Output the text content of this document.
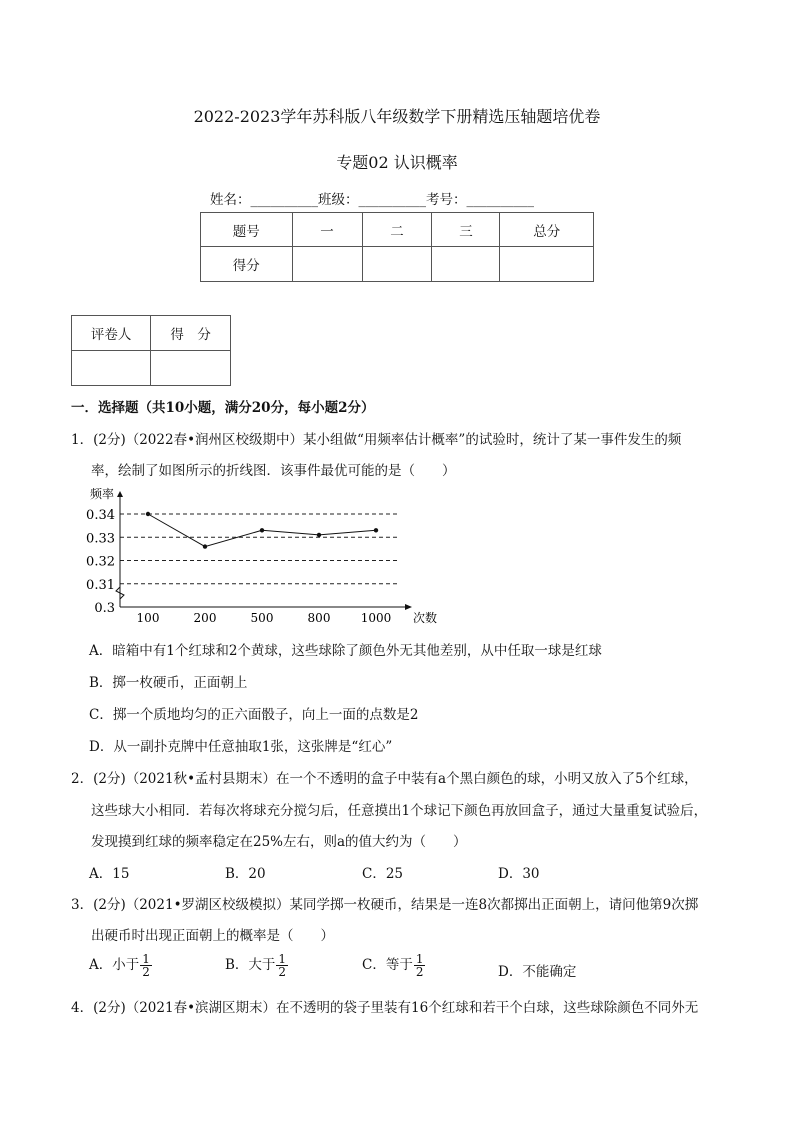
2022-2023学年苏科版八年级数学下册精选压轴题培优卷
专题02 认识概率
姓名：__________班级：__________考号：__________
题号	一	二	三	总分
得分				
评卷人	得　分

一．选择题（共10小题，满分20分，每小题2分）
1．(2分)（2022春•润州区校级期中）某小组做“用频率估计概率”的试验时，统计了某一事件发生的频
率，绘制了如图所示的折线图．该事件最优可能的是（　　）
频率
次数
0.3
0.31
0.32
0.33
0.34
100	200	500	800	1000
A．暗箱中有1个红球和2个黄球，这些球除了颜色外无其他差别，从中任取一球是红球
B．掷一枚硬币，正面朝上
C．掷一个质地均匀的正六面骰子，向上一面的点数是2
D．从一副扑克牌中任意抽取1张，这张牌是“红心”
2．(2分)（2021秋•孟村县期末）在一个不透明的盒子中装有a个黑白颜色的球，小明又放入了5个红球，
这些球大小相同．若每次将球充分搅匀后，任意摸出1个球记下颜色再放回盒子，通过大量重复试验后，
发现摸到红球的频率稳定在25%左右，则a的值大约为（　　）
A．15	B．20	C．25	D．30
3．(2分)（2021•罗湖区校级模拟）某同学掷一枚硬币，结果是一连8次都掷出正面朝上，请问他第9次掷
出硬币时出现正面朝上的概率是（　　）
A．小于 $\frac{1}{2}$	B．大于 $\frac{1}{2}$	C．等于 $\frac{1}{2}$	D．不能确定
4．(2分)（2021春•滨湖区期末）在不透明的袋子里装有16个红球和若干个白球，这些球除颜色不同外无
